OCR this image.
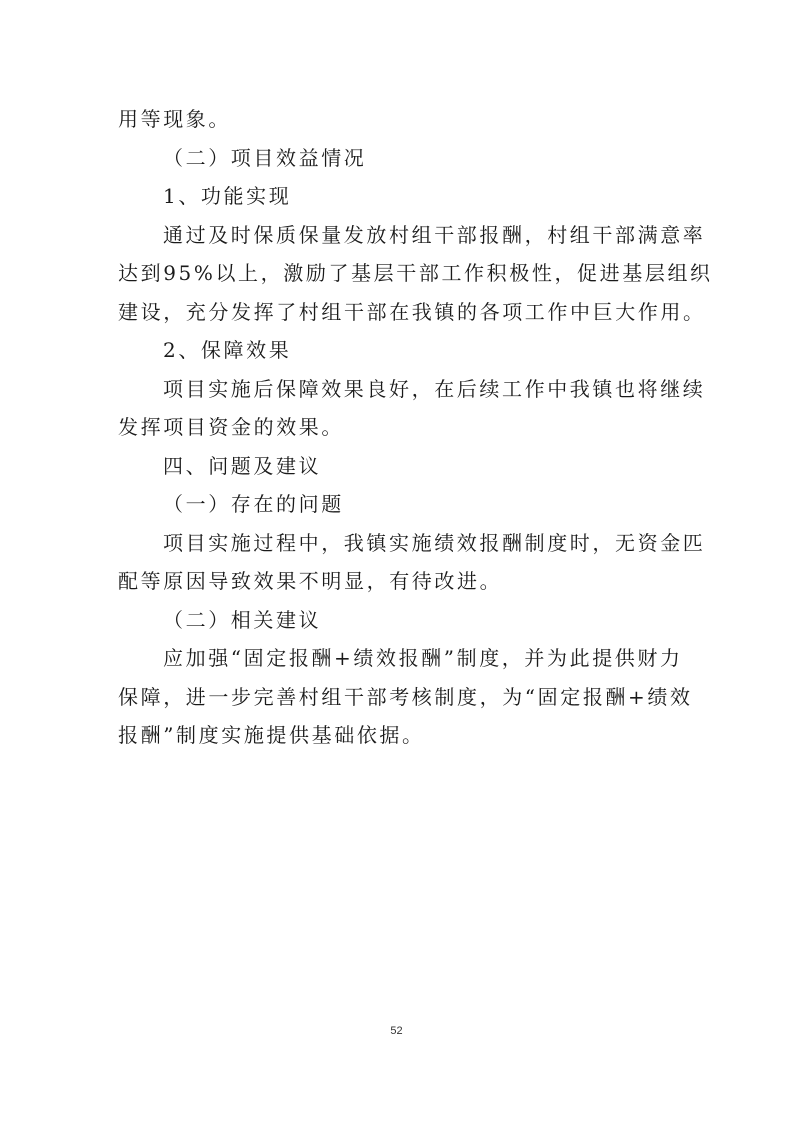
用等现象。
（二）项目效益情况
1、功能实现
通过及时保质保量发放村组干部报酬，村组干部满意率
达到95%以上，激励了基层干部工作积极性，促进基层组织
建设，充分发挥了村组干部在我镇的各项工作中巨大作用。
2、保障效果
项目实施后保障效果良好，在后续工作中我镇也将继续
发挥项目资金的效果。
四、问题及建议
（一）存在的问题
项目实施过程中，我镇实施绩效报酬制度时，无资金匹
配等原因导致效果不明显，有待改进。
（二）相关建议
应加强“固定报酬+绩效报酬”制度，并为此提供财力
保障，进一步完善村组干部考核制度，为“固定报酬+绩效
报酬”制度实施提供基础依据。
52
